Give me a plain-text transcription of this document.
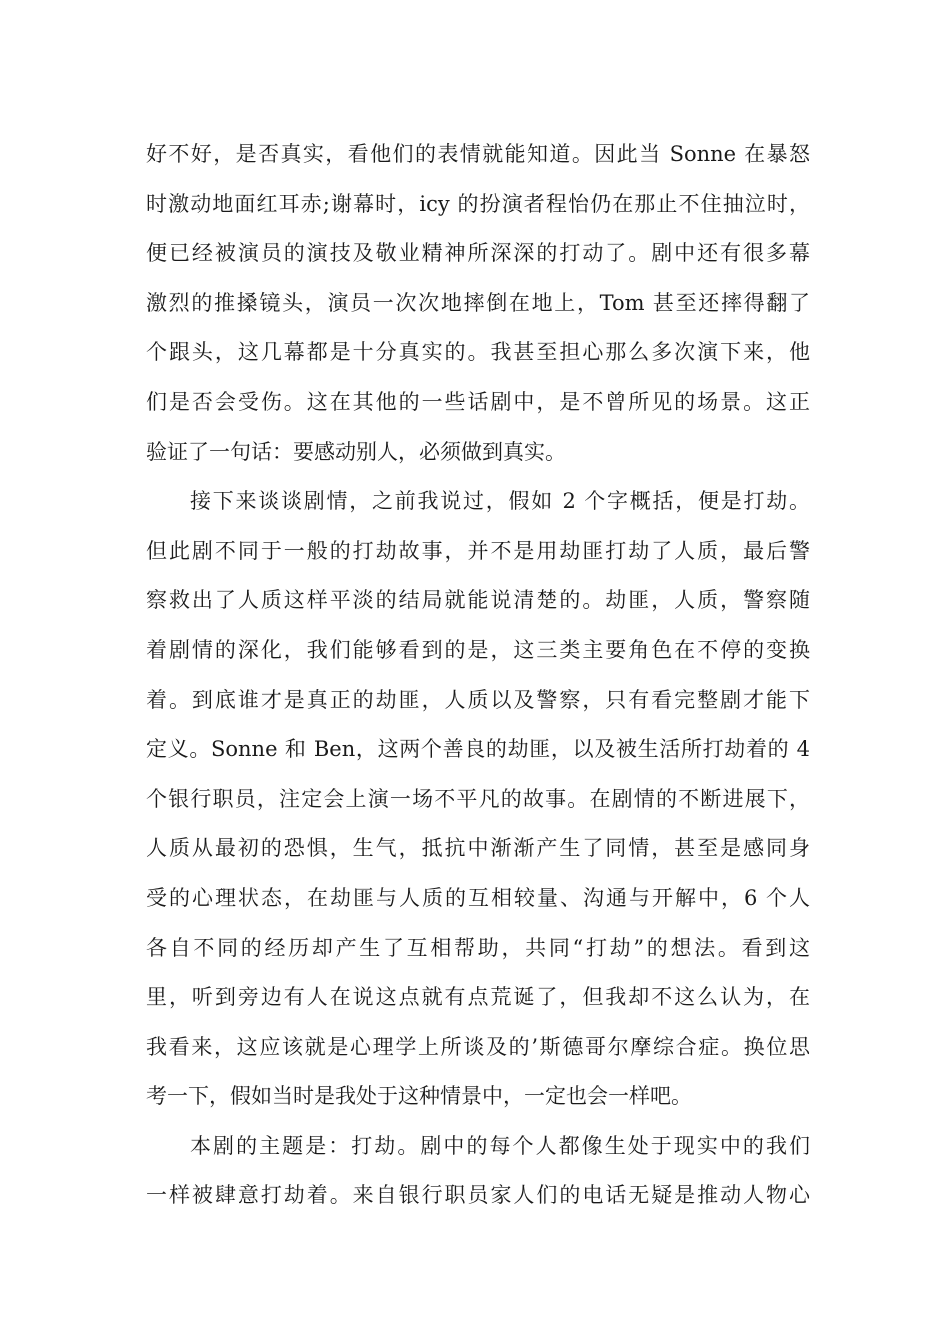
好不好，是否真实，看他们的表情就能知道。因此当 Sonne 在暴怒
时激动地面红耳赤;谢幕时，icy 的扮演者程怡仍在那止不住抽泣时，
便已经被演员的演技及敬业精神所深深的打动了。剧中还有很多幕
激烈的推搡镜头，演员一次次地摔倒在地上，Tom 甚至还摔得翻了
个跟头，这几幕都是十分真实的。我甚至担心那么多次演下来，他
们是否会受伤。这在其他的一些话剧中，是不曾所见的场景。这正
验证了一句话：要感动别人，必须做到真实。
接下来谈谈剧情，之前我说过，假如 2 个字概括，便是打劫。
但此剧不同于一般的打劫故事，并不是用劫匪打劫了人质，最后警
察救出了人质这样平淡的结局就能说清楚的。劫匪，人质，警察随
着剧情的深化，我们能够看到的是，这三类主要角色在不停的变换
着。到底谁才是真正的劫匪，人质以及警察，只有看完整剧才能下
定义。Sonne 和 Ben，这两个善良的劫匪，以及被生活所打劫着的 4
个银行职员，注定会上演一场不平凡的故事。在剧情的不断进展下，
人质从最初的恐惧，生气，抵抗中渐渐产生了同情，甚至是感同身
受的心理状态，在劫匪与人质的互相较量、沟通与开解中，6 个人
各自不同的经历却产生了互相帮助，共同“打劫”的想法。看到这
里，听到旁边有人在说这点就有点荒诞了，但我却不这么认为，在
我看来，这应该就是心理学上所谈及的’斯德哥尔摩综合症。换位思
考一下，假如当时是我处于这种情景中，一定也会一样吧。
本剧的主题是：打劫。剧中的每个人都像生处于现实中的我们
一样被肆意打劫着。来自银行职员家人们的电话无疑是推动人物心
